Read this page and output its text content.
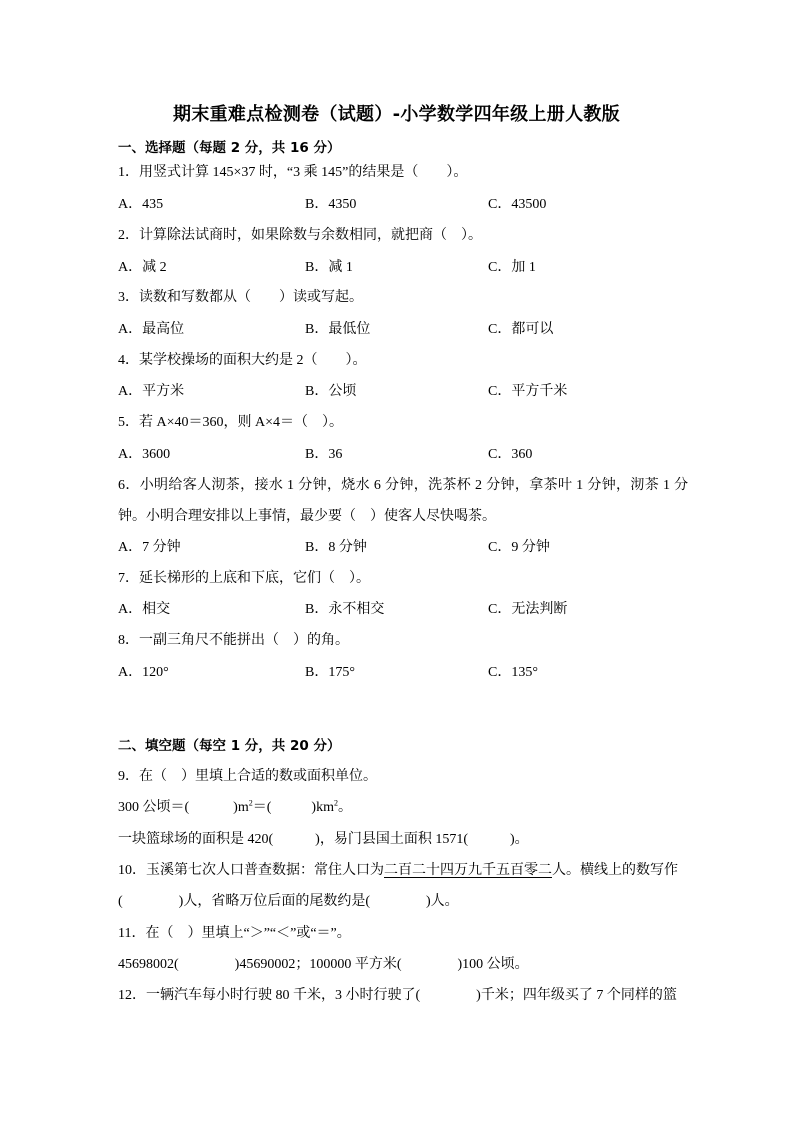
期末重难点检测卷（试题）-小学数学四年级上册人教版
一、选择题（每题 2 分，共 16 分）
1．用竖式计算 145×37 时，“3 乘 145”的结果是（　　）。
A．435	B．4350	C．43500
2．计算除法试商时，如果除数与余数相同，就把商（　）。
A．减 2	B．减 1	C．加 1
3．读数和写数都从（　　）读或写起。
A．最高位	B．最低位	C．都可以
4．某学校操场的面积大约是 2（　　）。
A．平方米	B．公顷	C．平方千米
5．若 A×40＝360，则 A×4＝（　）。
A．3600	B．36	C．360
6．小明给客人沏茶，接水 1 分钟，烧水 6 分钟，洗茶杯 2 分钟，拿茶叶 1 分钟，沏茶 1 分
钟。小明合理安排以上事情，最少要（　）使客人尽快喝茶。
A．7 分钟	B．8 分钟	C．9 分钟
7．延长梯形的上底和下底，它们（　）。
A．相交	B．永不相交	C．无法判断
8．一副三角尺不能拼出（　）的角。
A．120°	B．175°	C．135°
二、填空题（每空 1 分，共 20 分）
9．在（　）里填上合适的数或面积单位。
300 公顷＝(	)$m^2=$(	)$km^2$。
一块篮球场的面积是 420(　　　)，易门县国土面积 1571(　　　)。
10．玉溪第七次人口普查数据：常住人口为二百二十四万九千五百零二人。横线上的数写作
(　　　　)人，省略万位后面的尾数约是(　　　　)人。
11．在（　）里填上“＞”“＜”或“＝”。
45698002(　　　　)45690002；100000 平方米(　　　　)100 公顷。
12．一辆汽车每小时行驶 80 千米，3 小时行驶了(　　　　)千米；四年级买了 7 个同样的篮
